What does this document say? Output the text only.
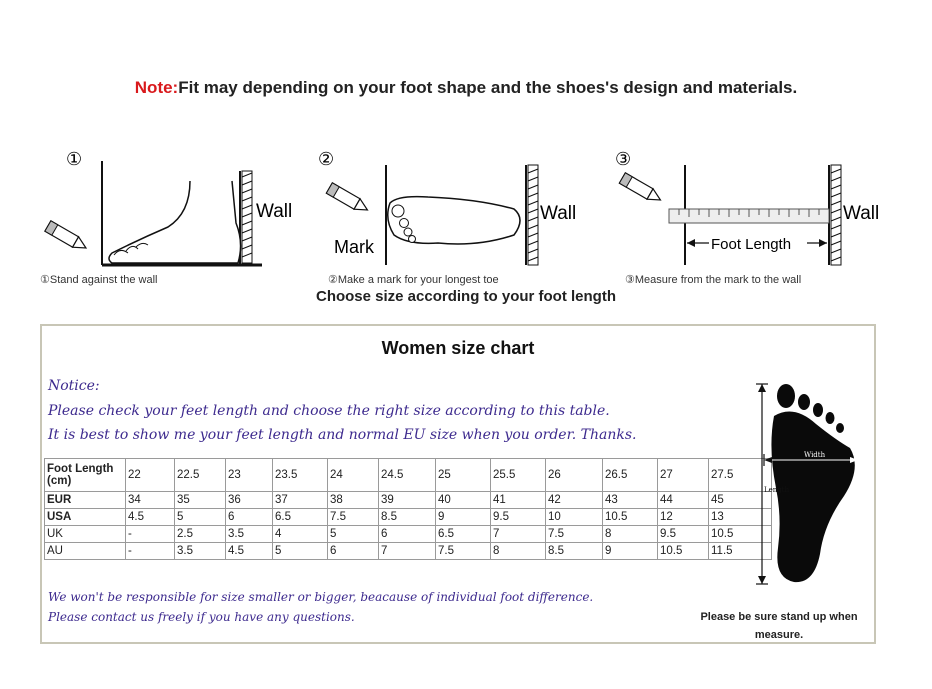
Note:Fit may depending on your foot shape and the shoes's design and materials.
①
Wall
①Stand against the wall
②
Mark
Wall
②Make a mark for your longest toe
③
Foot Length
Wall
③Measure from the mark to the wall
Choose size according to your foot length
Women size chart
Notice:
Please check your feet length and choose the right size according to this table.
It is best to show me your feet length and normal EU size when you order. Thanks.
Foot Length (cm)	22	22.5	23	23.5	24	24.5	25	25.5	26	26.5	27	27.5
EUR	34	35	36	37	38	39	40	41	42	43	44	45
USA	4.5	5	6	6.5	7.5	8.5	9	9.5	10	10.5	12	13
UK	-	2.5	3.5	4	5	6	6.5	7	7.5	8	9.5	10.5
AU	-	3.5	4.5	5	6	7	7.5	8	8.5	9	10.5	11.5
We won't be responsible for size smaller or bigger, beacause of individual foot difference.
Please contact us freely if you have any questions.
Width
Length
Please be sure stand up when measure.
